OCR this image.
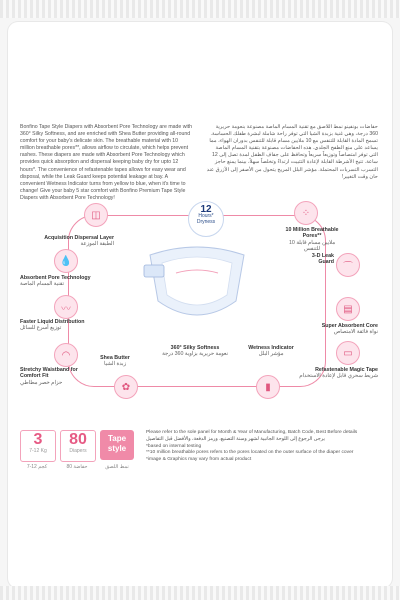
Bonfino Tape Style Diapers with Absorbent Pore Technology are made with 360° Silky Softness, and are enriched with Shea Butter providing all-round comfort for your baby's delicate skin. The breathable material with 10 million breathable pores**, allows airflow to circulate, which helps prevent rashes. These diapers are made with Absorbent Pore Technology which provides quick absorption and dispersal keeping baby dry for upto 12 hours*. The convenience of refastenable tapes allows for easy wear and disposal, while the Leak Guard keeps potential leakage at bay. A convenient Wetness Indicator turns from yellow to blue, when it's time to change! Give your baby 5 star comfort with Bonfino Premium Tape Style Diapers with Absorbent Pore Technology!
حفاضات بونفينو نمط اللاصق مع تقنية المسام الماصة مصنوعة بنعومة حريرية 360 درجة، وهي غنية بزبدة الشيا التي توفر راحة شاملة لبشرة طفلك الحساسة. تسمح المادة القابلة للتنفس مع 10 ملايين مسام قابلة للتنفس بدوران الهواء، مما يساعد على منع الطفح الجلدي. هذه الحفاضات مصنوعة بتقنية المسام الماصة التي توفر امتصاصاً وتوزيعاً سريعاً وتحافظ على جفاف الطفل لمدة تصل إلى 12 ساعة. تتيح الأشرطة القابلة لإعادة التثبيت ارتداءً وتخلصاً سهلاً، بينما يمنع حاجز التسرب التسربات المحتملة. مؤشر البلل المريح يتحول من الأصفر إلى الأزرق عند حان وقت التغيير!
12
Hours* Dryness
◫
Acquisition Dispersal Layer
الطبقة الموزعة
💧
Absorbent Pore Technology
تقنية المسام الماصة
〰
Faster Liquid Distribution
توزيع أسرع للسائل
◠
Stretchy Waistband for Comfort Fit
حزام خصر مطاطي
⁘
10 Million Breathable Pores**
10 ملايين مسام قابلة للتنفس
⌒
3-D Leak Guard
▤
Super Absorbent Core
نواة فائقة الامتصاص
▭
Refastenable Magic Tape
شريط سحري قابل لإعادة الاستخدام
✿
Shea Butter
زبدة الشيا
360° Silky Softness
نعومة حريرية بزاوية 360 درجة
▮
Wetness Indicator
مؤشر البلل
3
7-12 Kg
80
Diapers
Tape style
7-12 كجم	حفاضة 80	نمط اللصق
Please refer to the sole panel for Month & Year of Manufacturing, Batch Code, Best Before details
يرجى الرجوع إلى اللوحة الجانبية لشهر وسنة التصنيع، ورمز الدفعة، والأفضل قبل التفاصيل
*based on internal testing
**10 million breathable pores refers to the pores located on the outer surface of the diaper cover
*image & Graphics may vary from actual product
